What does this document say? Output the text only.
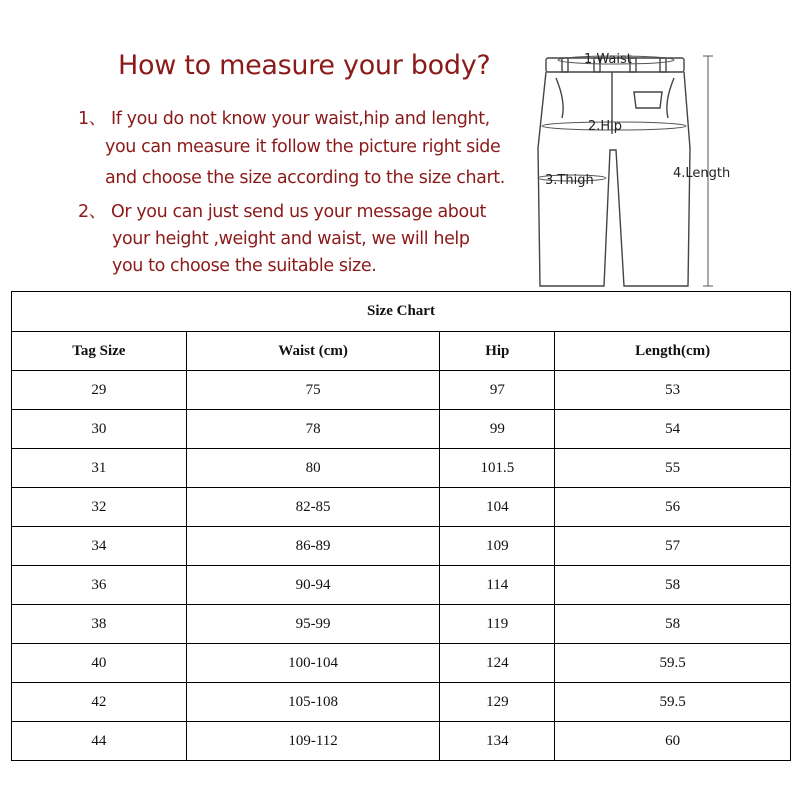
How to measure your body?

1、 If you do not know your waist,hip and lenght,

you can measure it follow the picture right side

and choose the size according to the size chart.

2、 Or you can just send us your message about

your height ,weight and waist, we will help

you to choose the suitable size.

1.Waist
2.Hip
3.Thigh	4.Length
Size Chart			
Tag Size	Waist (cm)	Hip	Length(cm)
29	75	97	53
30	78	99	54
31	80	101.5	55
32	82-85	104	56
34	86-89	109	57
36	90-94	114	58
38	95-99	119	58
40	100-104	124	59.5
42	105-108	129	59.5
44	109-112	134	60
